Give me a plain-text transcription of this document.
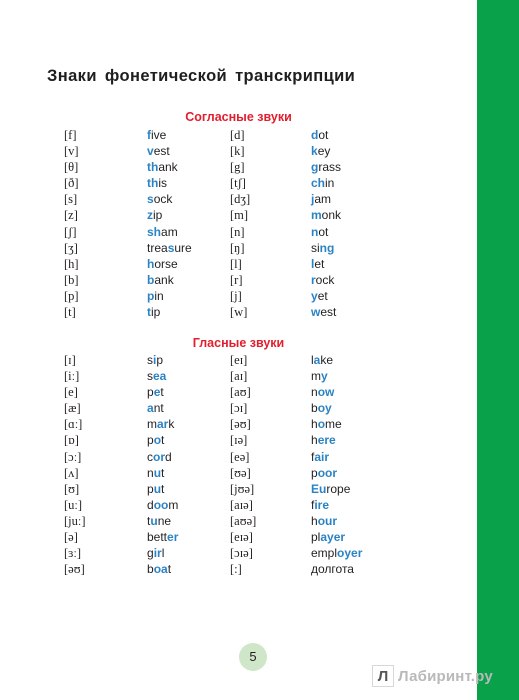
Знаки фонетической транскрипции
Согласные звуки
[f]	five	[d]	dot
[v]	vest	[k]	key
[θ]	thank	[g]	grass
[ð]	this	[tʃ]	chin
[s]	sock	[dʒ]	jam
[z]	zip	[m]	monk
[ʃ]	sham	[n]	not
[ʒ]	treasure	[ŋ]	sing
[h]	horse	[l]	let
[b]	bank	[r]	rock
[p]	pin	[j]	yet
[t]	tip	[w]	west
Гласные звуки
[ɪ]	sip	[eɪ]	lake
[iː]	sea	[aɪ]	my
[e]	pet	[aʊ]	now
[æ]	ant	[ɔɪ]	boy
[ɑː]	mark	[əʊ]	home
[ɒ]	pot	[ɪə]	here
[ɔː]	cord	[eə]	fair
[ʌ]	nut	[ʊə]	poor
[ʊ]	put	[jʊə]	Europe
[uː]	doom	[aɪə]	fire
[juː]	tune	[aʊə]	hour
[ə]	better	[eɪə]	player
[ɜː]	girl	[ɔɪə]	employer
[əʊ]	boat	[:]	долгота
5
Л Лабиринт.ру
